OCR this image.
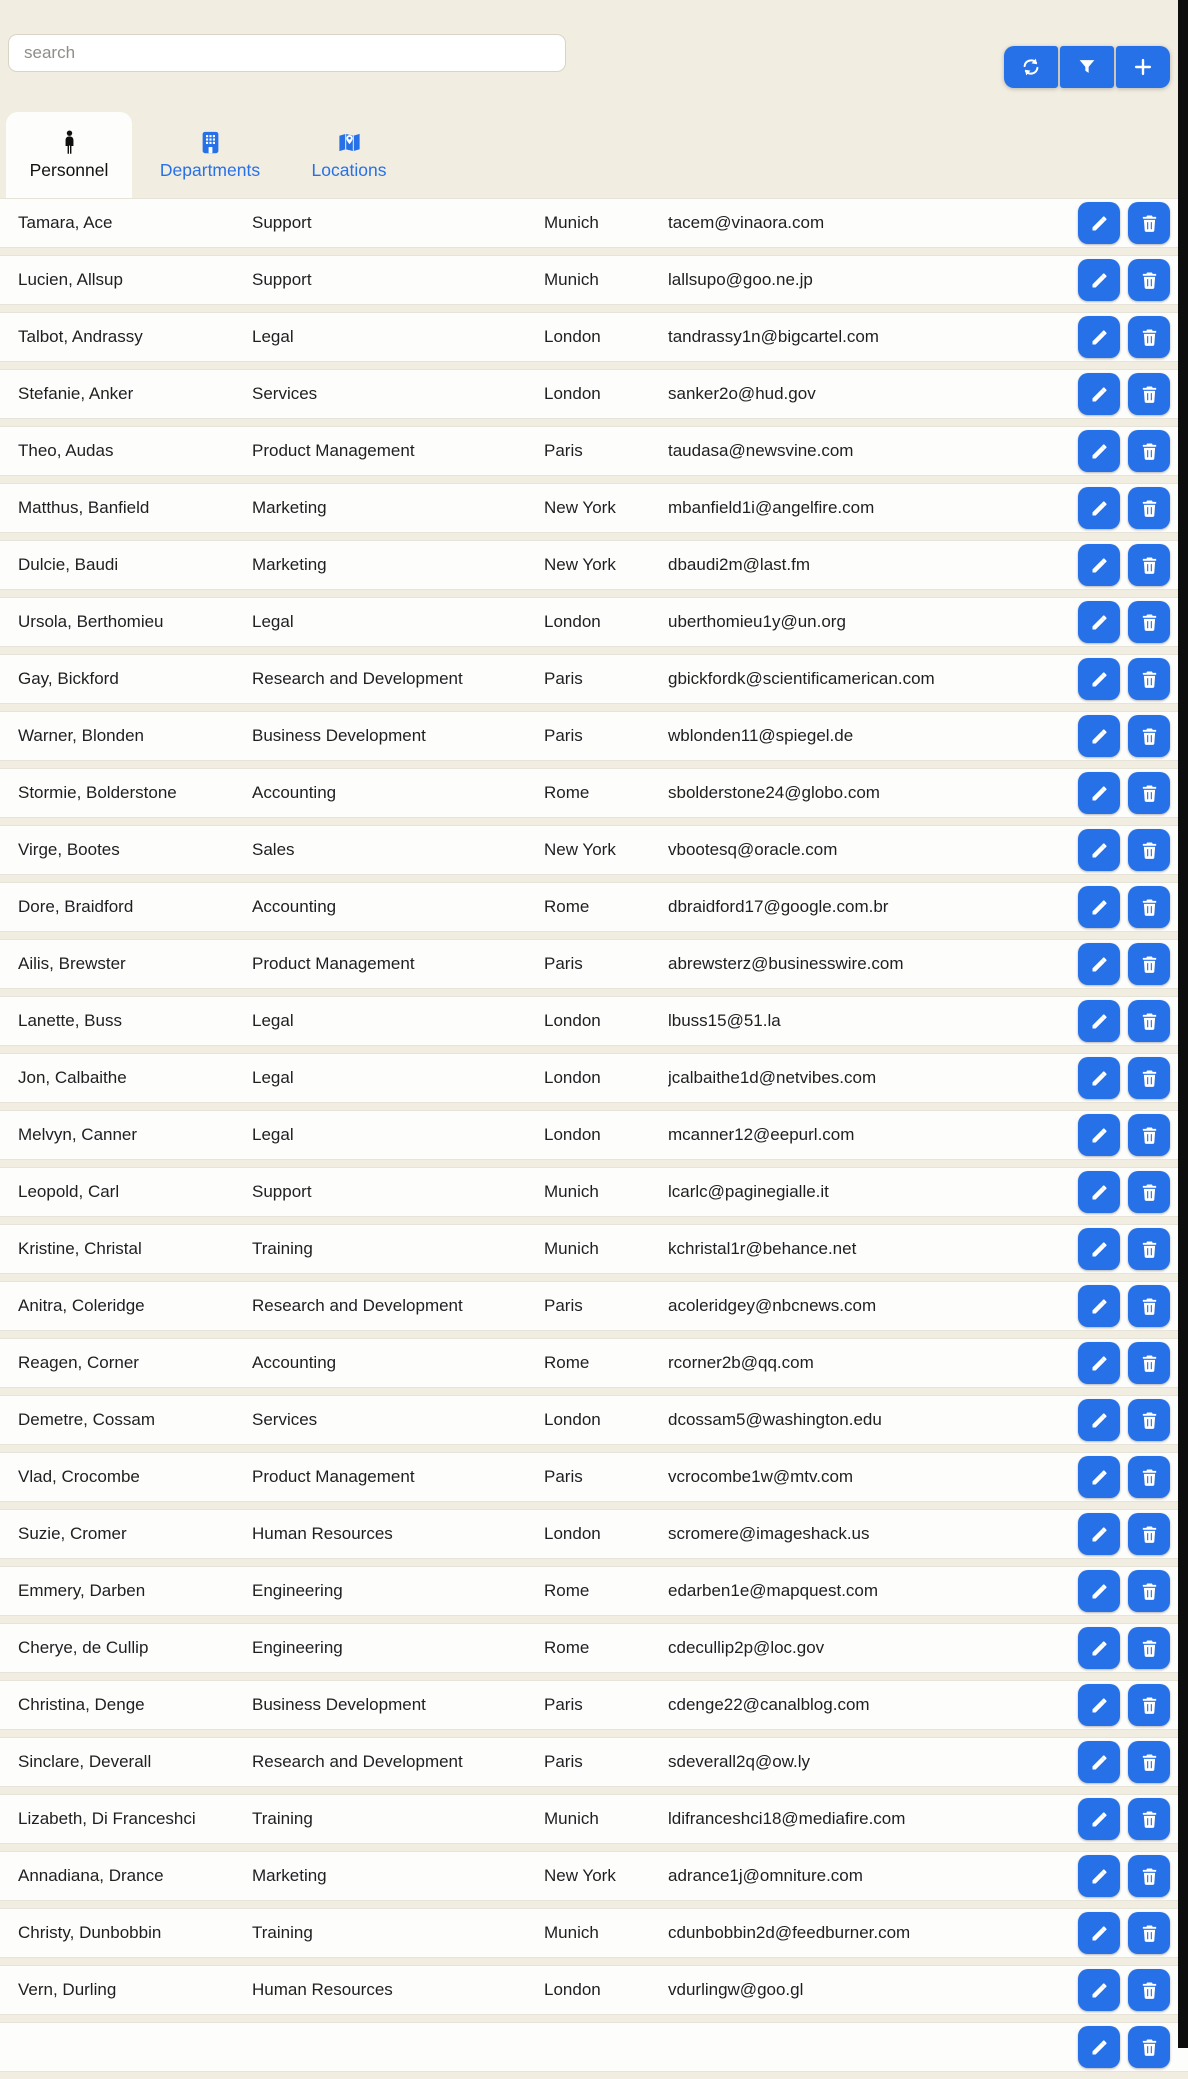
search
Personnel	Departments	Locations
Tamara, Ace	Support	Munich	tacem@vinaora.com
Lucien, Allsup	Support	Munich	lallsupo@goo.ne.jp
Talbot, Andrassy	Legal	London	tandrassy1n@bigcartel.com
Stefanie, Anker	Services	London	sanker2o@hud.gov
Theo, Audas	Product Management	Paris	taudasa@newsvine.com
Matthus, Banfield	Marketing	New York	mbanfield1i@angelfire.com
Dulcie, Baudi	Marketing	New York	dbaudi2m@last.fm
Ursola, Berthomieu	Legal	London	uberthomieu1y@un.org
Gay, Bickford	Research and Development	Paris	gbickfordk@scientificamerican.com
Warner, Blonden	Business Development	Paris	wblonden11@spiegel.de
Stormie, Bolderstone	Accounting	Rome	sbolderstone24@globo.com
Virge, Bootes	Sales	New York	vbootesq@oracle.com
Dore, Braidford	Accounting	Rome	dbraidford17@google.com.br
Ailis, Brewster	Product Management	Paris	abrewsterz@businesswire.com
Lanette, Buss	Legal	London	lbuss15@51.la
Jon, Calbaithe	Legal	London	jcalbaithe1d@netvibes.com
Melvyn, Canner	Legal	London	mcanner12@eepurl.com
Leopold, Carl	Support	Munich	lcarlc@paginegialle.it
Kristine, Christal	Training	Munich	kchristal1r@behance.net
Anitra, Coleridge	Research and Development	Paris	acoleridgey@nbcnews.com
Reagen, Corner	Accounting	Rome	rcorner2b@qq.com
Demetre, Cossam	Services	London	dcossam5@washington.edu
Vlad, Crocombe	Product Management	Paris	vcrocombe1w@mtv.com
Suzie, Cromer	Human Resources	London	scromere@imageshack.us
Emmery, Darben	Engineering	Rome	edarben1e@mapquest.com
Cherye, de Cullip	Engineering	Rome	cdecullip2p@loc.gov
Christina, Denge	Business Development	Paris	cdenge22@canalblog.com
Sinclare, Deverall	Research and Development	Paris	sdeverall2q@ow.ly
Lizabeth, Di Franceshci	Training	Munich	ldifranceshci18@mediafire.com
Annadiana, Drance	Marketing	New York	adrance1j@omniture.com
Christy, Dunbobbin	Training	Munich	cdunbobbin2d@feedburner.com
Vern, Durling	Human Resources	London	vdurlingw@goo.gl
